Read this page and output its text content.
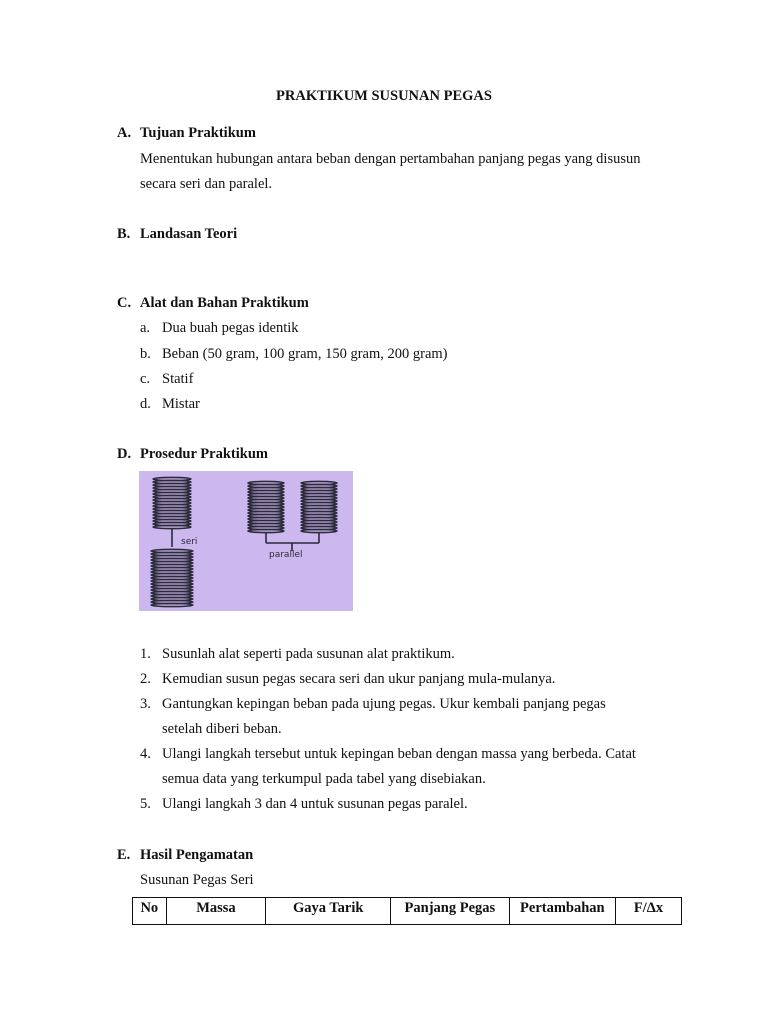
PRAKTIKUM SUSUNAN PEGAS
A. Tujuan Praktikum
Menentukan hubungan antara beban dengan pertambahan panjang pegas yang disusun
secara seri dan paralel.
B. Landasan Teori
C. Alat dan Bahan Praktikum
a. Dua buah pegas identik
b. Beban (50 gram, 100 gram, 150 gram, 200 gram)
c. Statif
d. Mistar
D. Prosedur Praktikum
seri
parallel
1. Susunlah alat seperti pada susunan alat praktikum.
2. Kemudian susun pegas secara seri dan ukur panjang mula-mulanya.
3. Gantungkan kepingan beban pada ujung pegas. Ukur kembali panjang pegas
setelah diberi beban.
4. Ulangi langkah tersebut untuk kepingan beban dengan massa yang berbeda. Catat
semua data yang terkumpul pada tabel yang disebiakan.
5. Ulangi langkah 3 dan 4 untuk susunan pegas paralel.
E. Hasil Pengamatan
Susunan Pegas Seri
No	Massa	Gaya Tarik	Panjang Pegas	Pertambahan	F/Δx
